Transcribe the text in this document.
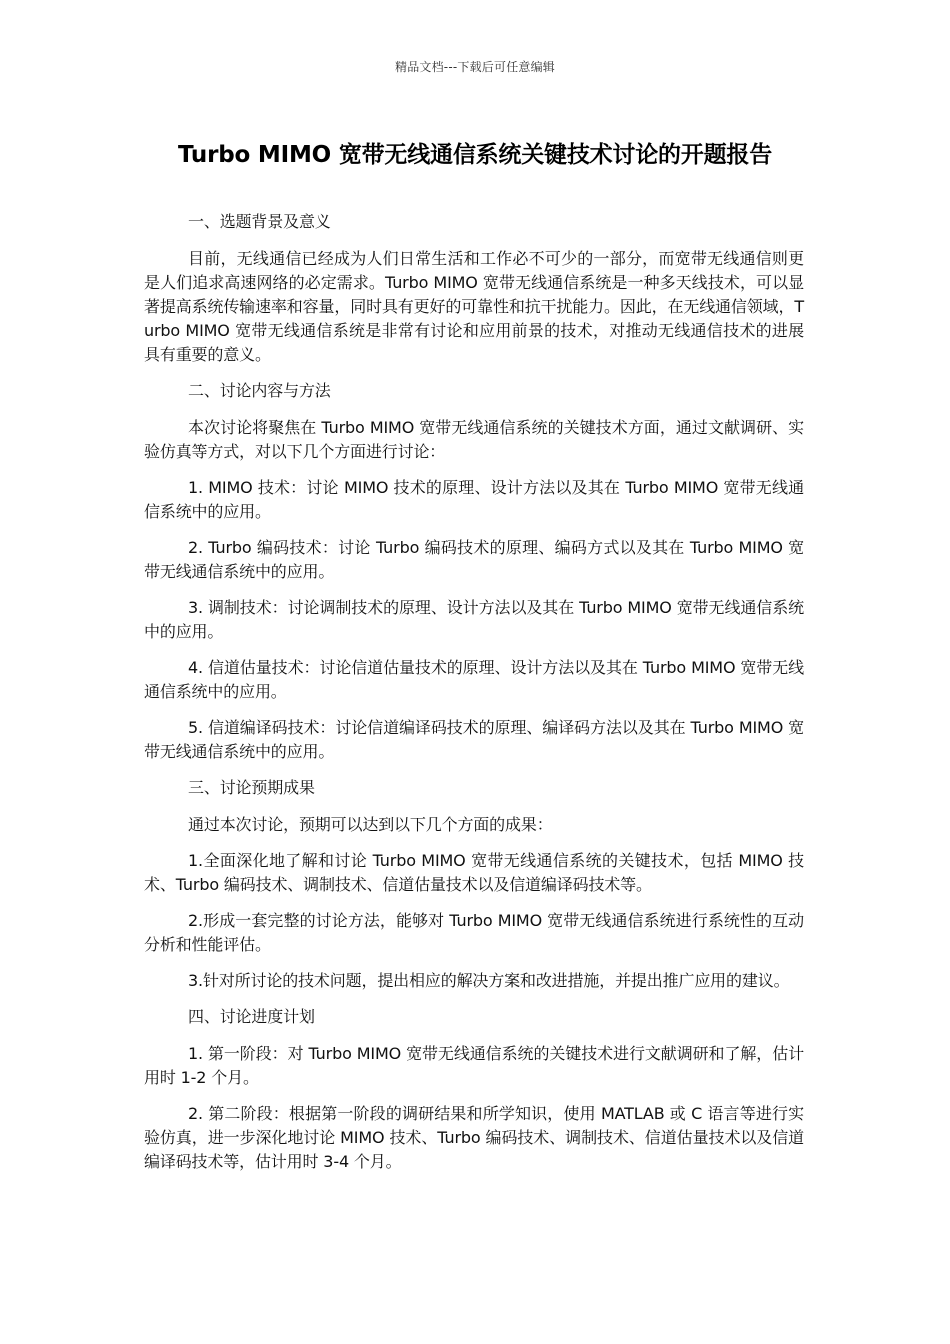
精品文档---下载后可任意编辑
Turbo MIMO 宽带无线通信系统关键技术讨论的开题报告

一、选题背景及意义

目前，无线通信已经成为人们日常生活和工作必不可少的一部分，而宽带无线通信则更是人们追求高速网络的必定需求。Turbo MIMO 宽带无线通信系统是一种多天线技术，可以显著提高系统传输速率和容量，同时具有更好的可靠性和抗干扰能力。因此，在无线通信领域，Turbo MIMO 宽带无线通信系统是非常有讨论和应用前景的技术，对推动无线通信技术的进展具有重要的意义。

二、讨论内容与方法

本次讨论将聚焦在 Turbo MIMO 宽带无线通信系统的关键技术方面，通过文献调研、实验仿真等方式，对以下几个方面进行讨论：

1. MIMO 技术：讨论 MIMO 技术的原理、设计方法以及其在 Turbo MIMO 宽带无线通信系统中的应用。

2. Turbo 编码技术：讨论 Turbo 编码技术的原理、编码方式以及其在 Turbo MIMO 宽带无线通信系统中的应用。

3. 调制技术：讨论调制技术的原理、设计方法以及其在 Turbo MIMO 宽带无线通信系统中的应用。

4. 信道估量技术：讨论信道估量技术的原理、设计方法以及其在 Turbo MIMO 宽带无线通信系统中的应用。

5. 信道编译码技术：讨论信道编译码技术的原理、编译码方法以及其在 Turbo MIMO 宽带无线通信系统中的应用。

三、讨论预期成果

通过本次讨论，预期可以达到以下几个方面的成果：

1.全面深化地了解和讨论 Turbo MIMO 宽带无线通信系统的关键技术，包括 MIMO 技术、Turbo 编码技术、调制技术、信道估量技术以及信道编译码技术等。

2.形成一套完整的讨论方法，能够对 Turbo MIMO 宽带无线通信系统进行系统性的互动分析和性能评估。

3.针对所讨论的技术问题，提出相应的解决方案和改进措施，并提出推广应用的建议。

四、讨论进度计划

1. 第一阶段：对 Turbo MIMO 宽带无线通信系统的关键技术进行文献调研和了解，估计用时 1-2 个月。

2. 第二阶段：根据第一阶段的调研结果和所学知识，使用 MATLAB 或 C 语言等进行实验仿真，进一步深化地讨论 MIMO 技术、Turbo 编码技术、调制技术、信道估量技术以及信道编译码技术等，估计用时 3-4 个月。
